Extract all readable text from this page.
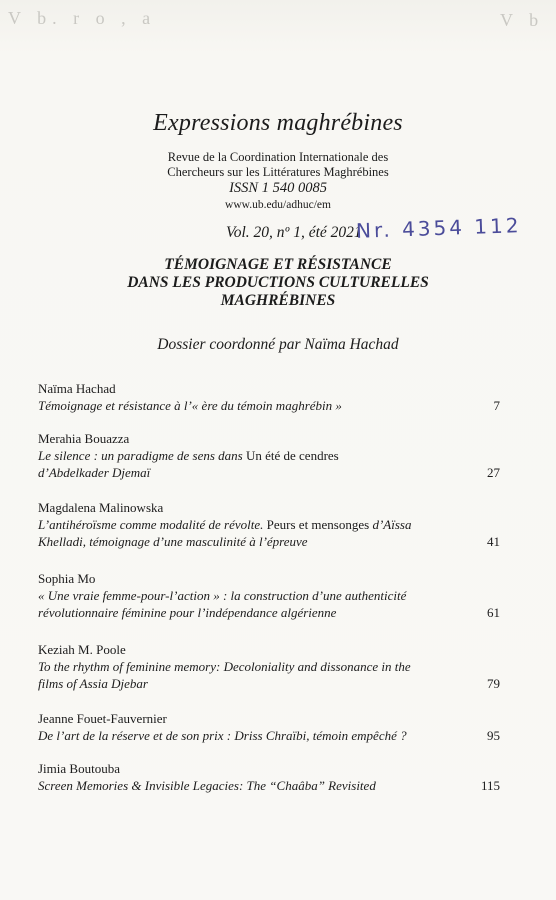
V b. r o , a	V b
Expressions maghrébines
Revue de la Coordination Internationale des
Chercheurs sur les Littératures Maghrébines
ISSN 1 540 0085
www.ub.edu/adhuc/em
Vol. 20, nº 1, été 2021
Nr. 4354 112
TÉMOIGNAGE ET RÉSISTANCE
DANS LES PRODUCTIONS CULTURELLES
MAGHRÉBINES
Dossier coordonné par Naïma Hachad
Naïma Hachad
Témoignage et résistance à l’« ère du témoin maghrébin »	7
Merahia Bouazza
Le silence : un paradigme de sens dans Un été de cendres
d’Abdelkader Djemaï	27
Magdalena Malinowska
L’antihéroïsme comme modalité de révolte. Peurs et mensonges d’Aïssa
Khelladi, témoignage d’une masculinité à l’épreuve	41
Sophia Mo
« Une vraie femme-pour-l’action » : la construction d’une authenticité
révolutionnaire féminine pour l’indépendance algérienne	61
Keziah M. Poole
To the rhythm of feminine memory: Decoloniality and dissonance in the
films of Assia Djebar	79
Jeanne Fouet-Fauvernier
De l’art de la réserve et de son prix : Driss Chraïbi, témoin empêché ?	95
Jimia Boutouba
Screen Memories & Invisible Legacies: The “Chaâba” Revisited	115
